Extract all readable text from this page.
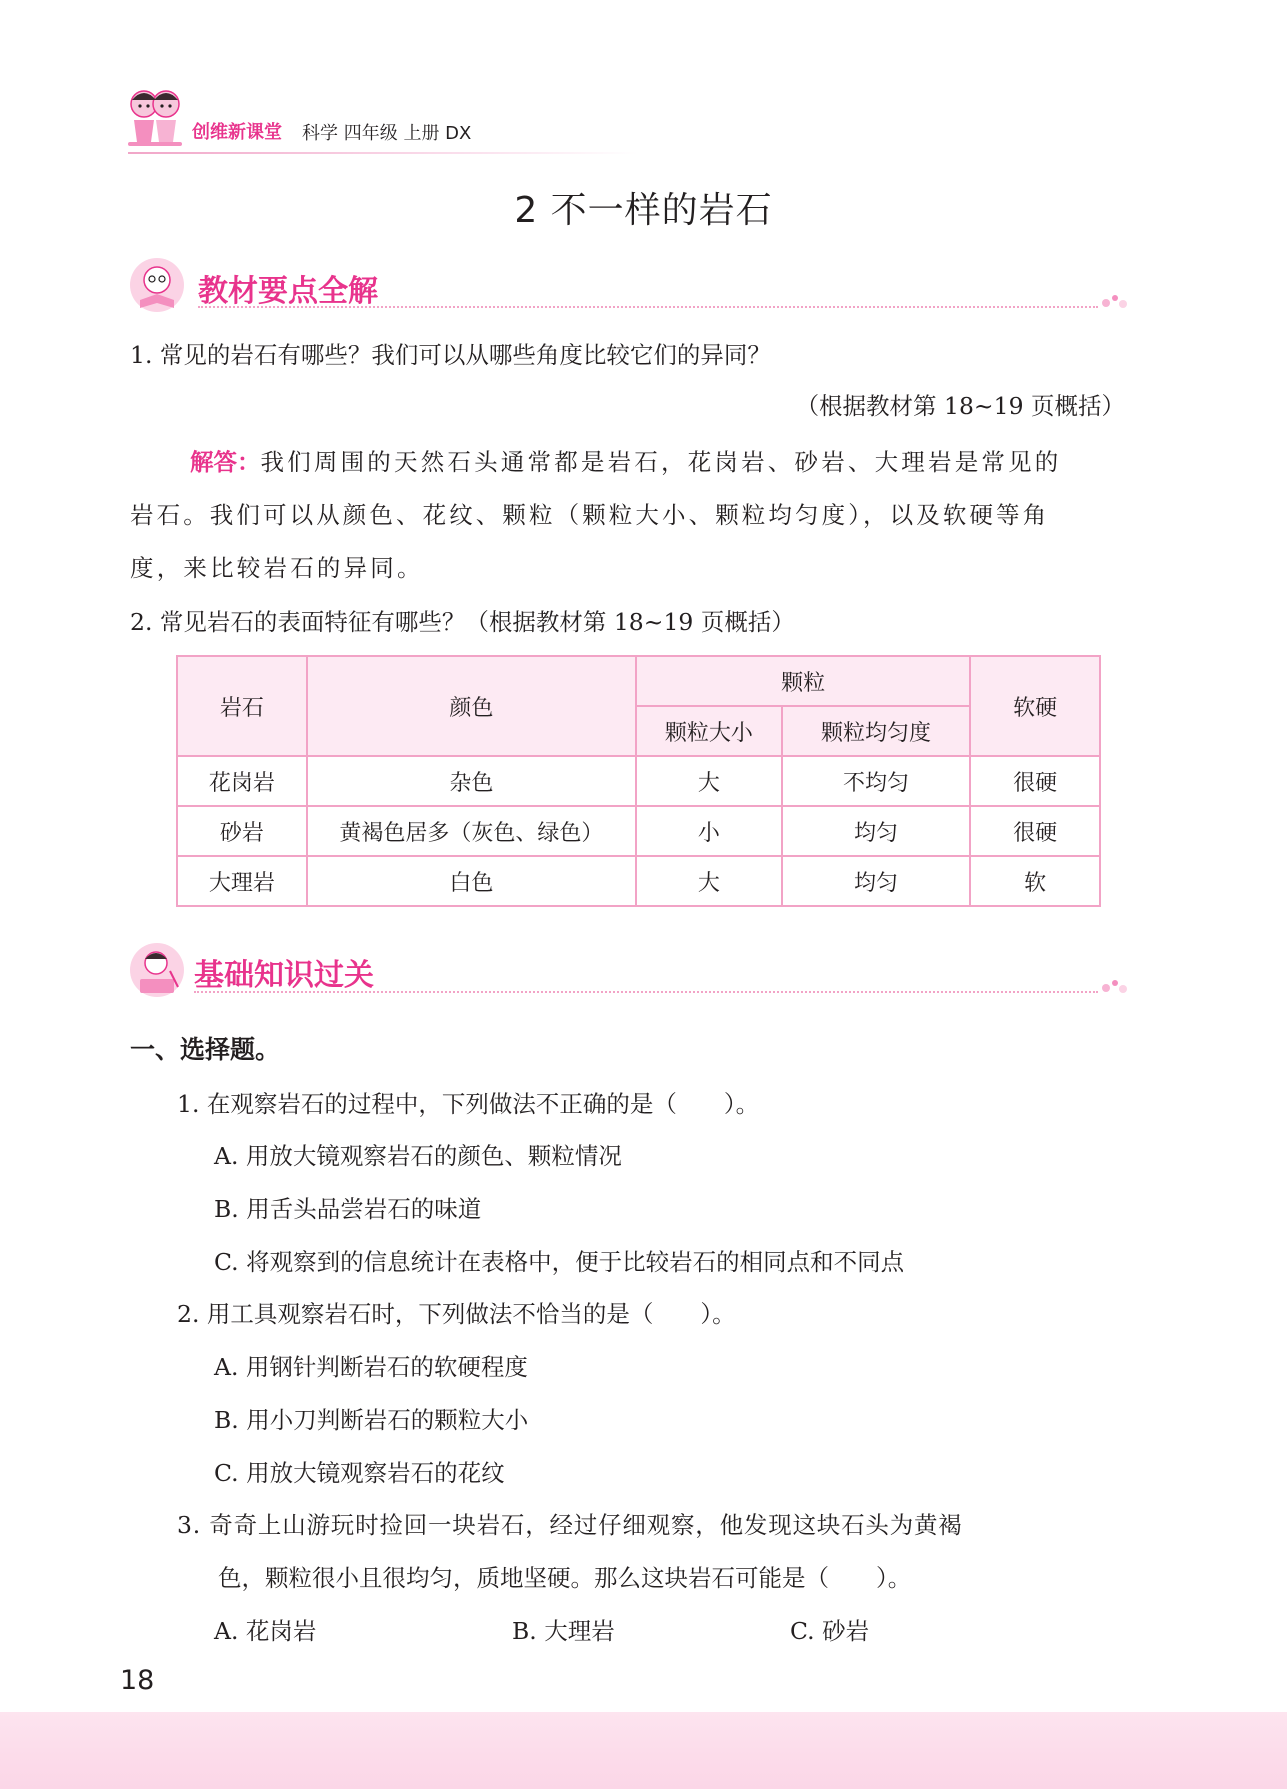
创维新课堂 科学 四年级 上册 DX
2 不一样的岩石
教材要点全解
1. 常见的岩石有哪些？我们可以从哪些角度比较它们的异同？
（根据教材第 18~19 页概括）
解答：我们周围的天然石头通常都是岩石，花岗岩、砂岩、大理岩是常见的
岩石。我们可以从颜色、花纹、颗粒（颗粒大小、颗粒均匀度），以及软硬等角
度，来比较岩石的异同。
2. 常见岩石的表面特征有哪些？（根据教材第 18~19 页概括）
岩石	颜色	颗粒		软硬
		颗粒大小	颗粒均匀度	
花岗岩	杂色	大	不均匀	很硬
砂岩	黄褐色居多（灰色、绿色）	小	均匀	很硬
大理岩	白色	大	均匀	软
基础知识过关
一、选择题。
1. 在观察岩石的过程中，下列做法不正确的是（　　）。
A. 用放大镜观察岩石的颜色、颗粒情况
B. 用舌头品尝岩石的味道
C. 将观察到的信息统计在表格中，便于比较岩石的相同点和不同点
2. 用工具观察岩石时，下列做法不恰当的是（　　）。
A. 用钢针判断岩石的软硬程度
B. 用小刀判断岩石的颗粒大小
C. 用放大镜观察岩石的花纹
3. 奇奇上山游玩时捡回一块岩石，经过仔细观察，他发现这块石头为黄褐
色，颗粒很小且很均匀，质地坚硬。那么这块岩石可能是（　　）。
A. 花岗岩	B. 大理岩	C. 砂岩
18
